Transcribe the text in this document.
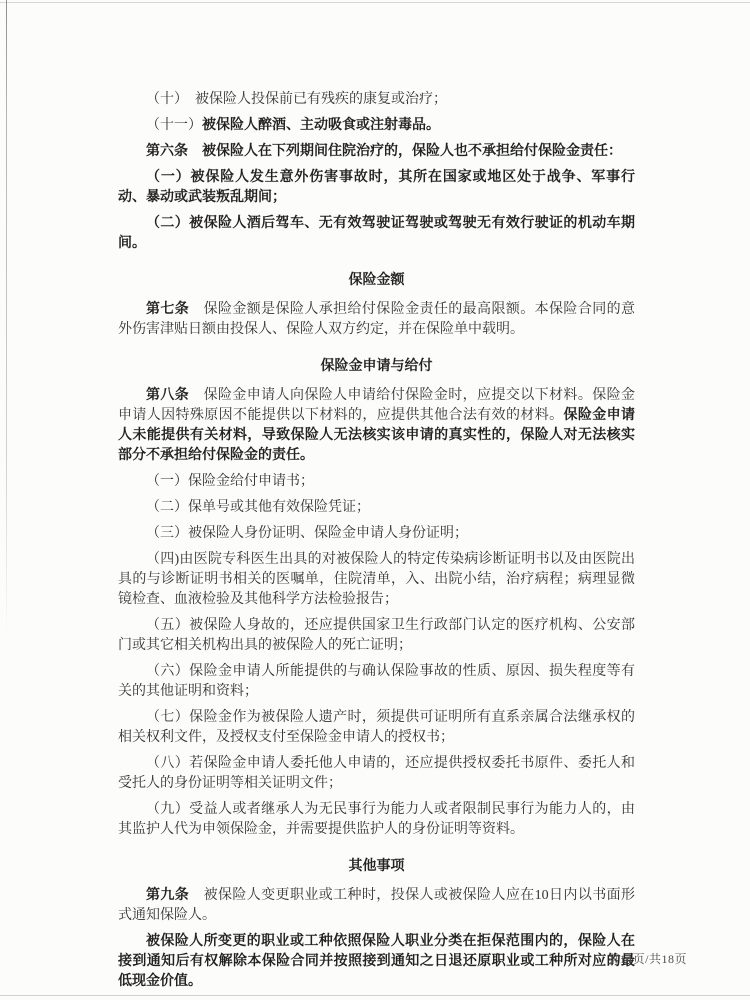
（十）　被保险人投保前已有残疾的康复或治疗；

（十一）被保险人醉酒、主动吸食或注射毒品。

第六条　被保险人在下列期间住院治疗的，保险人也不承担给付保险金责任：

（一）被保险人发生意外伤害事故时，其所在国家或地区处于战争、军事行动、暴动或武装叛乱期间；

（二）被保险人酒后驾车、无有效驾驶证驾驶或驾驶无有效行驶证的机动车期间。

保险金额

第七条　保险金额是保险人承担给付保险金责任的最高限额。本保险合同的意外伤害津贴日额由投保人、保险人双方约定，并在保险单中载明。

保险金申请与给付

第八条　保险金申请人向保险人申请给付保险金时，应提交以下材料。保险金申请人因特殊原因不能提供以下材料的，应提供其他合法有效的材料。保险金申请人未能提供有关材料，导致保险人无法核实该申请的真实性的，保险人对无法核实部分不承担给付保险金的责任。

（一）保险金给付申请书；

（二）保单号或其他有效保险凭证；

（三）被保险人身份证明、保险金申请人身份证明；

（四)由医院专科医生出具的对被保险人的特定传染病诊断证明书以及由医院出具的与诊断证明书相关的医嘱单，住院清单，入、出院小结，治疗病程；病理显微镜检查、血液检验及其他科学方法检验报告；

（五）被保险人身故的，还应提供国家卫生行政部门认定的医疗机构、公安部门或其它相关机构出具的被保险人的死亡证明；

（六）保险金申请人所能提供的与确认保险事故的性质、原因、损失程度等有关的其他证明和资料；

（七）保险金作为被保险人遗产时，须提供可证明所有直系亲属合法继承权的相关权利文件，及授权支付至保险金申请人的授权书；

（八）若保险金申请人委托他人申请的，还应提供授权委托书原件、委托人和受托人的身份证明等相关证明文件；

（九）受益人或者继承人为无民事行为能力人或者限制民事行为能力人的，由其监护人代为申领保险金，并需要提供监护人的身份证明等资料。

其他事项

第九条　被保险人变更职业或工种时，投保人或被保险人应在10日内以书面形式通知保险人。

被保险人所变更的职业或工种依照保险人职业分类在拒保范围内的，保险人在接到通知后有权解除本保险合同并按照接到通知之日退还原职业或工种所对应的最低现金价值。

第14页/共18页
